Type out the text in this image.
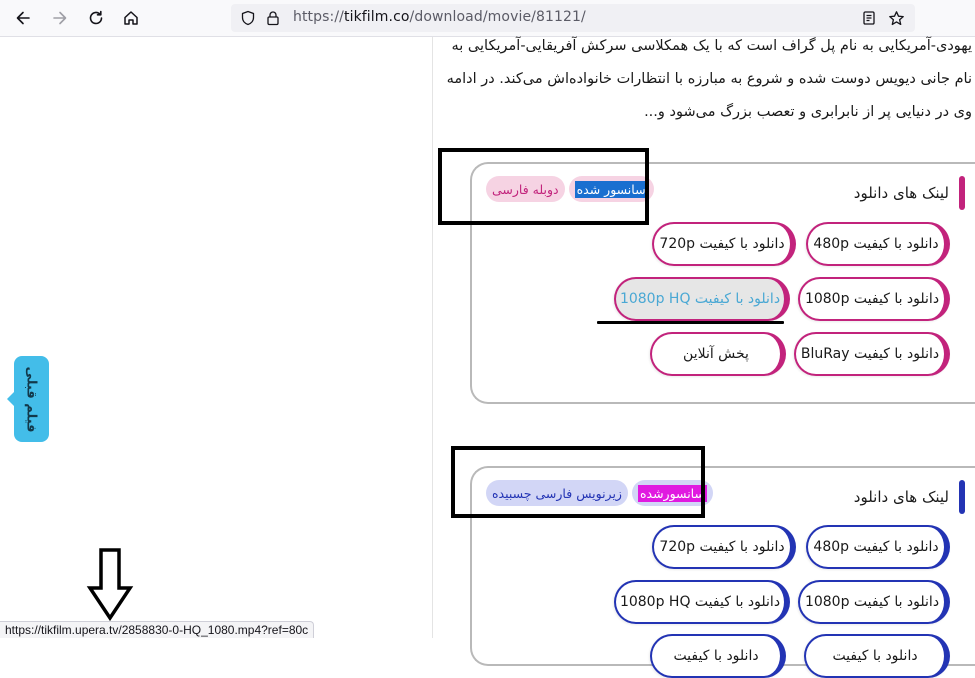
https://tikfilm.co/download/movie/81121/
فیلم قبلی
https://tikfilm.upera.tv/2858830-0-HQ_1080.mp4?ref=80c
یهودی-آمریکایی به نام پل گراف است که با یک همکلاسی سرکش آفریقایی-آمریکایی به
نام جانی دیویس دوست شده و شروع به مبارزه با انتظارات خانواده‌اش می‌کند. در ادامه
وی در دنیایی پر از نابرابری و تعصب بزرگ می‌شود و...
لینک های دانلود
سانسور شده
دوبله فارسی
دانلود با کیفیت 480p
دانلود با کیفیت 720p
دانلود با کیفیت 1080p
دانلود با کیفیت 1080p HQ
دانلود با کیفیت BluRay
پخش آنلاین
لینک های دانلود
سانسورشده
زیرنویس فارسی چسبیده
دانلود با کیفیت 480p
دانلود با کیفیت 720p
دانلود با کیفیت 1080p
دانلود با کیفیت 1080p HQ
دانلود با کیفیت
دانلود با کیفیت
